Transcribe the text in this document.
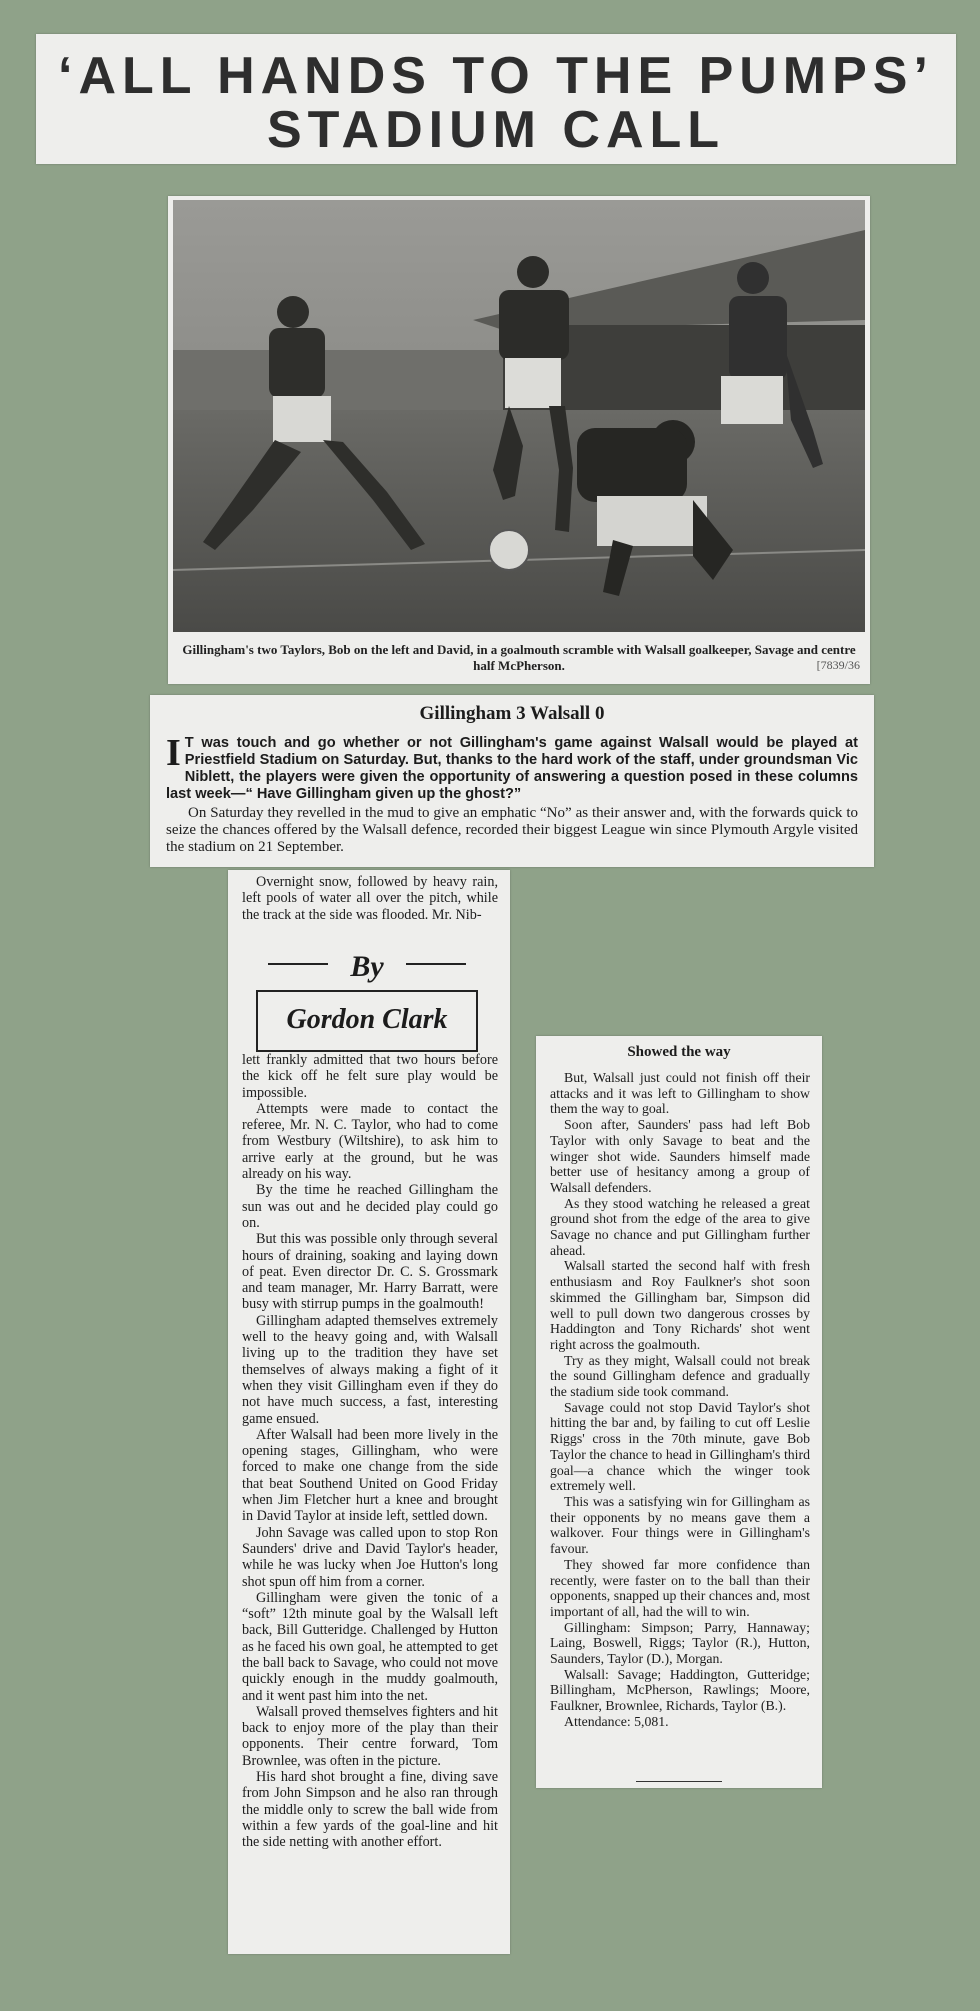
‘ALL HANDS TO THE PUMPS’
STADIUM CALL
Gillingham's two Taylors, Bob on the left and David, in a goalmouth scramble with Walsall goalkeeper, Savage and centre half McPherson.	[7839/36
Gillingham 3 Walsall 0
I T was touch and go whether or not Gillingham's game against Walsall would be played at Priestfield Stadium on Saturday. But, thanks to the hard work of the staff, under groundsman Vic Niblett, the players were given the opportunity of answering a question posed in these columns last week—“ Have Gillingham given up the ghost?”
On Saturday they revelled in the mud to give an emphatic “No” as their answer and, with the forwards quick to seize the chances offered by the Walsall defence, recorded their biggest League win since Plymouth Argyle visited the stadium on 21 September.

Overnight snow, followed by heavy rain, left pools of water all over the pitch, while the track at the side was flooded. Mr. Nib-

By
Gordon Clark

lett frankly admitted that two hours before the kick off he felt sure play would be impossible.

Attempts were made to contact the referee, Mr. N. C. Taylor, who had to come from Westbury (Wiltshire), to ask him to arrive early at the ground, but he was already on his way.

By the time he reached Gillingham the sun was out and he decided play could go on.

But this was possible only through several hours of draining, soaking and laying down of peat. Even director Dr. C. S. Grossmark and team manager, Mr. Harry Barratt, were busy with stirrup pumps in the goalmouth!

Gillingham adapted themselves extremely well to the heavy going and, with Walsall living up to the tradition they have set themselves of always making a fight of it when they visit Gillingham even if they do not have much success, a fast, interesting game ensued.

After Walsall had been more lively in the opening stages, Gillingham, who were forced to make one change from the side that beat Southend United on Good Friday when Jim Fletcher hurt a knee and brought in David Taylor at inside left, settled down.

John Savage was called upon to stop Ron Saunders' drive and David Taylor's header, while he was lucky when Joe Hutton's long shot spun off him from a corner.

Gillingham were given the tonic of a “soft” 12th minute goal by the Walsall left back, Bill Gutteridge. Challenged by Hutton as he faced his own goal, he attempted to get the ball back to Savage, who could not move quickly enough in the muddy goalmouth, and it went past him into the net.

Walsall proved themselves fighters and hit back to enjoy more of the play than their opponents. Their centre forward, Tom Brownlee, was often in the picture.

His hard shot brought a fine, diving save from John Simpson and he also ran through the middle only to screw the ball wide from within a few yards of the goal-line and hit the side netting with another effort.

Showed the way

But, Walsall just could not finish off their attacks and it was left to Gillingham to show them the way to goal.

Soon after, Saunders' pass had left Bob Taylor with only Savage to beat and the winger shot wide. Saunders himself made better use of hesitancy among a group of Walsall defenders.

As they stood watching he released a great ground shot from the edge of the area to give Savage no chance and put Gillingham further ahead.

Walsall started the second half with fresh enthusiasm and Roy Faulkner's shot soon skimmed the Gillingham bar, Simpson did well to pull down two dangerous crosses by Haddington and Tony Richards' shot went right across the goalmouth.

Try as they might, Walsall could not break the sound Gillingham defence and gradually the stadium side took command.

Savage could not stop David Taylor's shot hitting the bar and, by failing to cut off Leslie Riggs' cross in the 70th minute, gave Bob Taylor the chance to head in Gillingham's third goal—a chance which the winger took extremely well.

This was a satisfying win for Gillingham as their opponents by no means gave them a walkover. Four things were in Gillingham's favour.

They showed far more confidence than recently, were faster on to the ball than their opponents, snapped up their chances and, most important of all, had the will to win.

Gillingham: Simpson; Parry, Hannaway; Laing, Boswell, Riggs; Taylor (R.), Hutton, Saunders, Taylor (D.), Morgan.

Walsall: Savage; Haddington, Gutteridge; Billingham, McPherson, Rawlings; Moore, Faulkner, Brownlee, Richards, Taylor (B.).

Attendance: 5,081.
